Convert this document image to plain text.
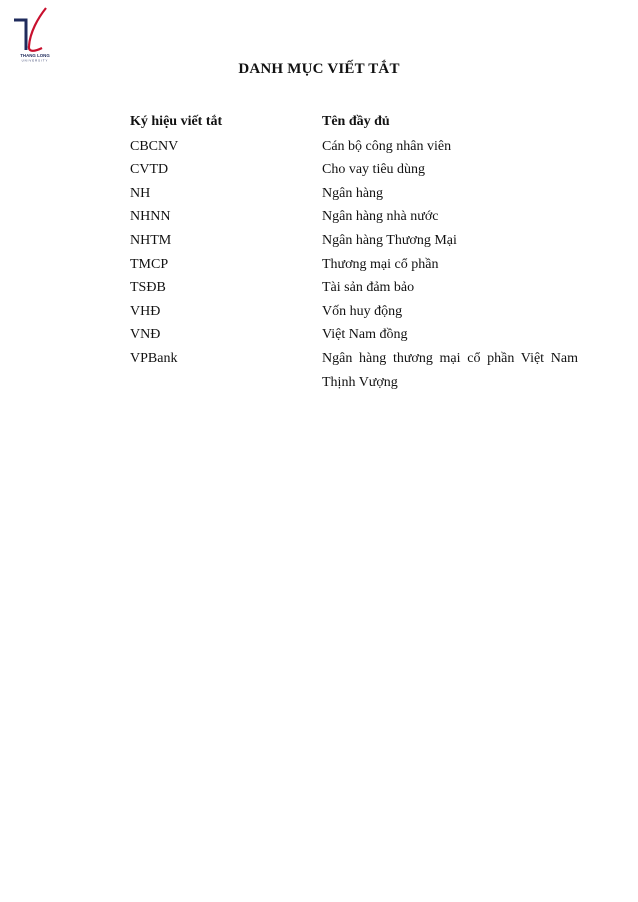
THANG LONG
UNIVERSITY
DANH MỤC VIẾT TẮT
Ký hiệu viết tắt	Tên đầy đủ
CBCNV	Cán bộ công nhân viên
CVTD	Cho vay tiêu dùng
NH	Ngân hàng
NHNN	Ngân hàng nhà nước
NHTM	Ngân hàng Thương Mại
TMCP	Thương mại cổ phần
TSĐB	Tài sản đảm bảo
VHĐ	Vốn huy động
VNĐ	Việt Nam đồng
VPBank	Ngân hàng thương mại cổ phần Việt Nam
Thịnh Vượng
